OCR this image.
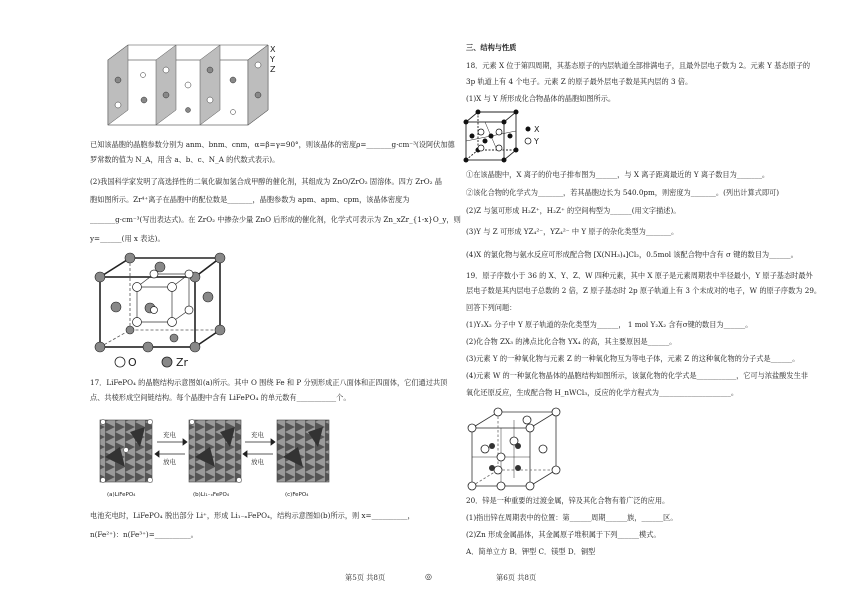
X
Y
Z
已知该晶胞的晶胞参数分别为 anm、bnm、cnm，α=β=γ=90°，则该晶体的密度ρ=_______g·cm⁻³(设阿伏加德
罗常数的值为 N_A，用含 a、b、c、N_A 的代数式表示)。
(2)我国科学家发明了高选择性的二氧化碳加氢合成甲醇的催化剂，其组成为 ZnO/ZrO₂ 固溶体。四方 ZrO₂ 晶
胞如图所示。Zr⁴⁺离子在晶胞中的配位数是_______，晶胞参数为 apm、apm、cpm，该晶体密度为
_______g·cm⁻³(写出表达式)。在 ZrO₂ 中掺杂少量 ZnO 后形成的催化剂，化学式可表示为 Zn_xZr_{1-x}O_y，则
y=______(用 x 表达)。
O	Zr
17．LiFePO₄ 的晶胞结构示意图如(a)所示。其中 O 围绕 Fe 和 P 分别形成正八面体和正四面体，它们通过共顶
点、共棱形成空间链结构。每个晶胞中含有 LiFePO₄ 的单元数有___________个。
充电
放电
充电
放电
(a)LiFePO₄	(b)Li₁₋ₓFePO₄	(c)FePO₄
电池充电时，LiFePO₄ 脱出部分 Li⁺，形成 Li₁₋ₓFePO₄，结构示意图如(b)所示，则 x=__________，
n(Fe²⁺)：n(Fe³⁺)=__________。
第5页 共8页	◎
三、结构与性质
18．元素 X 位于第四周期，其基态原子的内层轨道全部排满电子，且最外层电子数为 2。元素 Y 基态原子的
3p 轨道上有 4 个电子。元素 Z 的原子最外层电子数是其内层的 3 倍。
(1)X 与 Y 所形成化合物晶体的晶胞如图所示。
X
Y
①在该晶胞中，X 离子的价电子排布图为______，与 X 离子距离最近的 Y 离子数目为_______。
②该化合物的化学式为_______，若其晶胞边长为 540.0pm，则密度为_______。(列出计算式即可)
(2)Z 与氢可形成 H₂Z⁺，H₂Z⁺ 的空间构型为______(用文字描述)。
(3)Y 与 Z 可形成 YZ₄²⁻，YZ₄²⁻ 中 Y 原子的杂化类型为_______。
(4)X 的氯化物与氨水反应可形成配合物 [X(NH₃)₄]Cl₂，0.5mol 该配合物中含有 σ 键的数目为______。
19．原子序数小于 36 的 X、Y、Z、W 四种元素，其中 X 原子是元素周期表中半径最小，Y 原子基态时最外
层电子数是其内层电子总数的 2 倍，Z 原子基态时 2p 原子轨道上有 3 个未成对的电子，W 的原子序数为 29。
回答下列问题：
(1)Y₂X₂ 分子中 Y 原子轨道的杂化类型为______， 1 mol Y₂X₂ 含有σ键的数目为______。
(2)化合物 ZX₃ 的沸点比化合物 YX₄ 的高，其主要原因是______。
(3)元素 Y 的一种氧化物与元素 Z 的一种氧化物互为等电子体，元素 Z 的这种氧化物的分子式是______。
(4)元素 W 的一种氯化物晶体的晶胞结构如图所示，该氯化物的化学式是___________，它可与浓盐酸发生非
氧化还原反应，生成配合物 H_nWCl₃，反应的化学方程式为____________________。
20．锌是一种重要的过渡金属，锌及其化合物有着广泛的应用。
(1)指出锌在周期表中的位置：第______周期______族，______区。
(2)Zn 形成金属晶体，其金属原子堆积属于下列______模式。
A．简单立方 B．钾型 C．镁型 D．铜型
第6页 共8页
